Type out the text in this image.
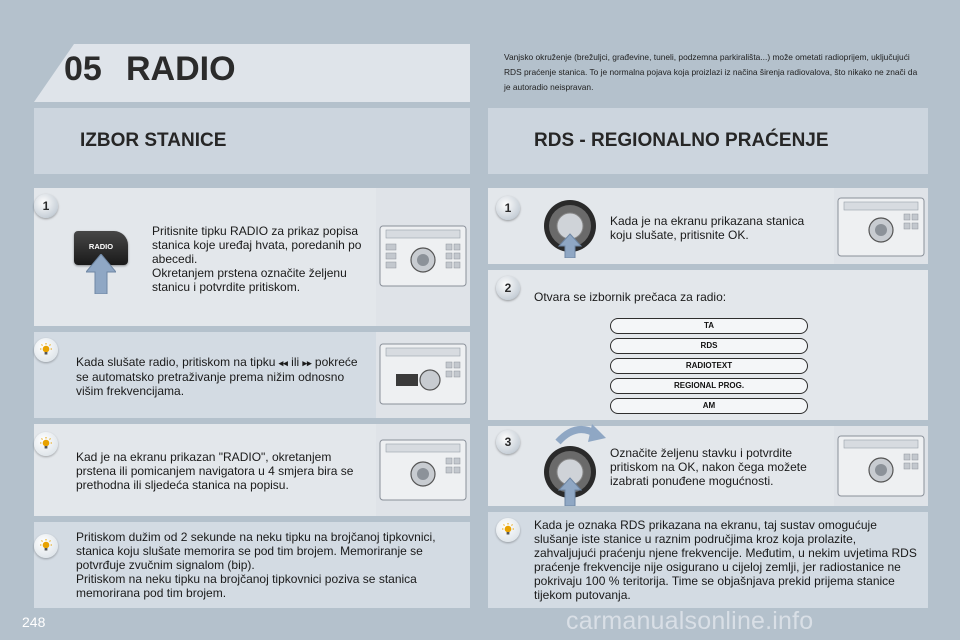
05 RADIO	Vanjsko okruženje (brežuljci, građevine, tuneli, podzemna parkirališta...) može ometati radioprijem, uključujući RDS praćenje stanica. To je normalna pojava koja proizlazi iz načina širenja radiovalova, što nikako ne znači da je autoradio neispravan.
IZBOR STANICE	RDS - REGIONALNO PRAĆENJE
1
RADIO
Pritisnite tipku RADIO za prikaz popisa stanica koje uređaj hvata, poredanih po abecedi.
Okretanjem prstena označite željenu stanicu i potvrdite pritiskom.
Kada slušate radio, pritiskom na tipku ◂◂ ili ▸▸ pokreće se automatsko pretraživanje prema nižim odnosno višim frekvencijama.
Kad je na ekranu prikazan "RADIO", okretanjem prstena ili pomicanjem navigatora u 4 smjera bira se prethodna ili sljedeća stanica na popisu.
Pritiskom dužim od 2 sekunde na neku tipku na brojčanoj tipkovnici, stanica koju slušate memorira se pod tim brojem. Memoriranje se potvrđuje zvučnim signalom (bip).
Pritiskom na neku tipku na brojčanoj tipkovnici poziva se stanica memorirana pod tim brojem.
1
Kada je na ekranu prikazana stanica koju slušate, pritisnite OK.
2
Otvara se izbornik prečaca za radio:
TA
RDS
RADIOTEXT
REGIONAL PROG.
AM
3
Označite željenu stavku i potvrdite pritiskom na OK, nakon čega možete izabrati ponuđene mogućnosti.
Kada je oznaka RDS prikazana na ekranu, taj sustav omogućuje slušanje iste stanice u raznim područjima kroz koja prolazite, zahvaljujući praćenju njene frekvencije. Međutim, u nekim uvjetima RDS praćenje frekvencije nije osigurano u cijeloj zemlji, jer radiostanice ne pokrivaju 100 % teritorija. Time se objašnjava prekid prijema stanice tijekom putovanja.
248	carmanualsonline.info
